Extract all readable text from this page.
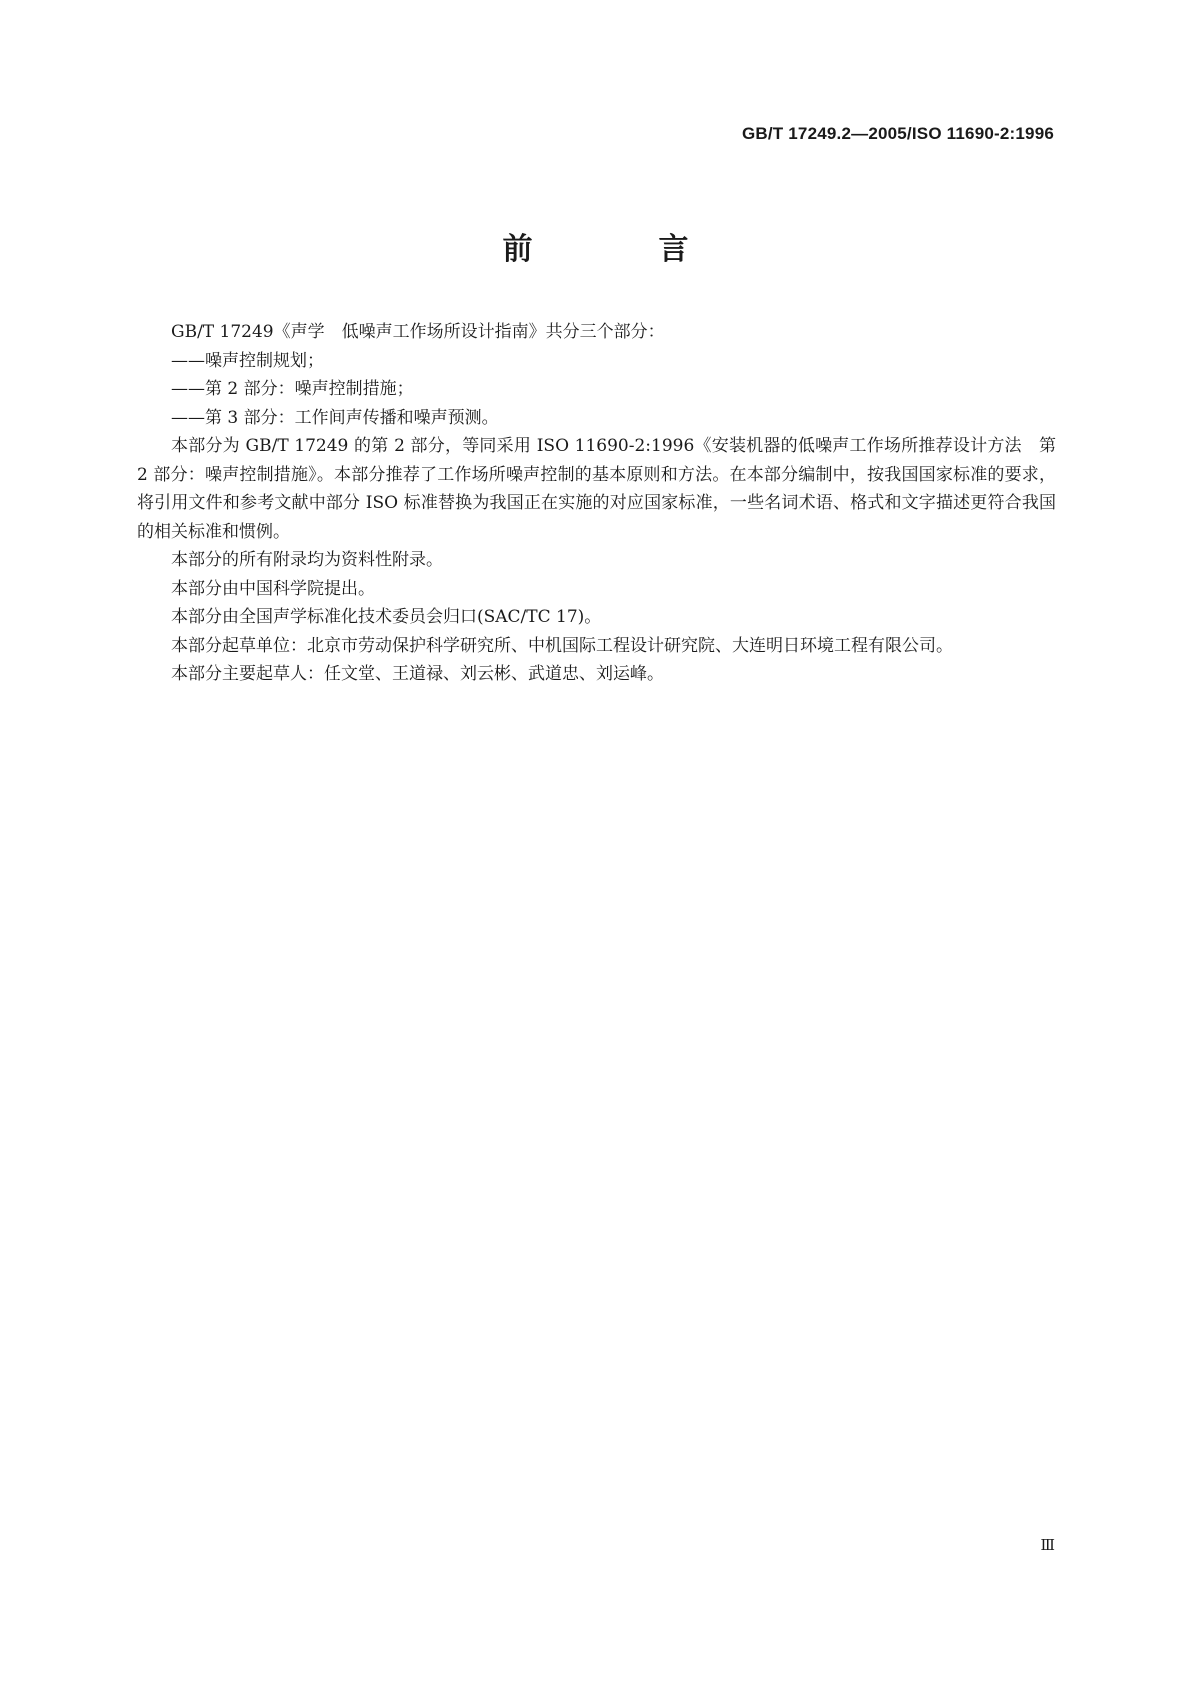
GB/T 17249.2—2005/ISO 11690-2:1996
前　言

GB/T 17249《声学　低噪声工作场所设计指南》共分三个部分：

——噪声控制规划；

——第 2 部分：噪声控制措施；

——第 3 部分：工作间声传播和噪声预测。

本部分为 GB/T 17249 的第 2 部分，等同采用 ISO 11690-2:1996《安装机器的低噪声工作场所推荐设计方法　第 2 部分：噪声控制措施》。本部分推荐了工作场所噪声控制的基本原则和方法。在本部分编制中，按我国国家标准的要求，将引用文件和参考文献中部分 ISO 标准替换为我国正在实施的对应国家标准，一些名词术语、格式和文字描述更符合我国的相关标准和惯例。

本部分的所有附录均为资料性附录。

本部分由中国科学院提出。

本部分由全国声学标准化技术委员会归口(SAC/TC 17)。

本部分起草单位：北京市劳动保护科学研究所、中机国际工程设计研究院、大连明日环境工程有限公司。

本部分主要起草人：任文堂、王道禄、刘云彬、武道忠、刘运峰。

Ⅲ
